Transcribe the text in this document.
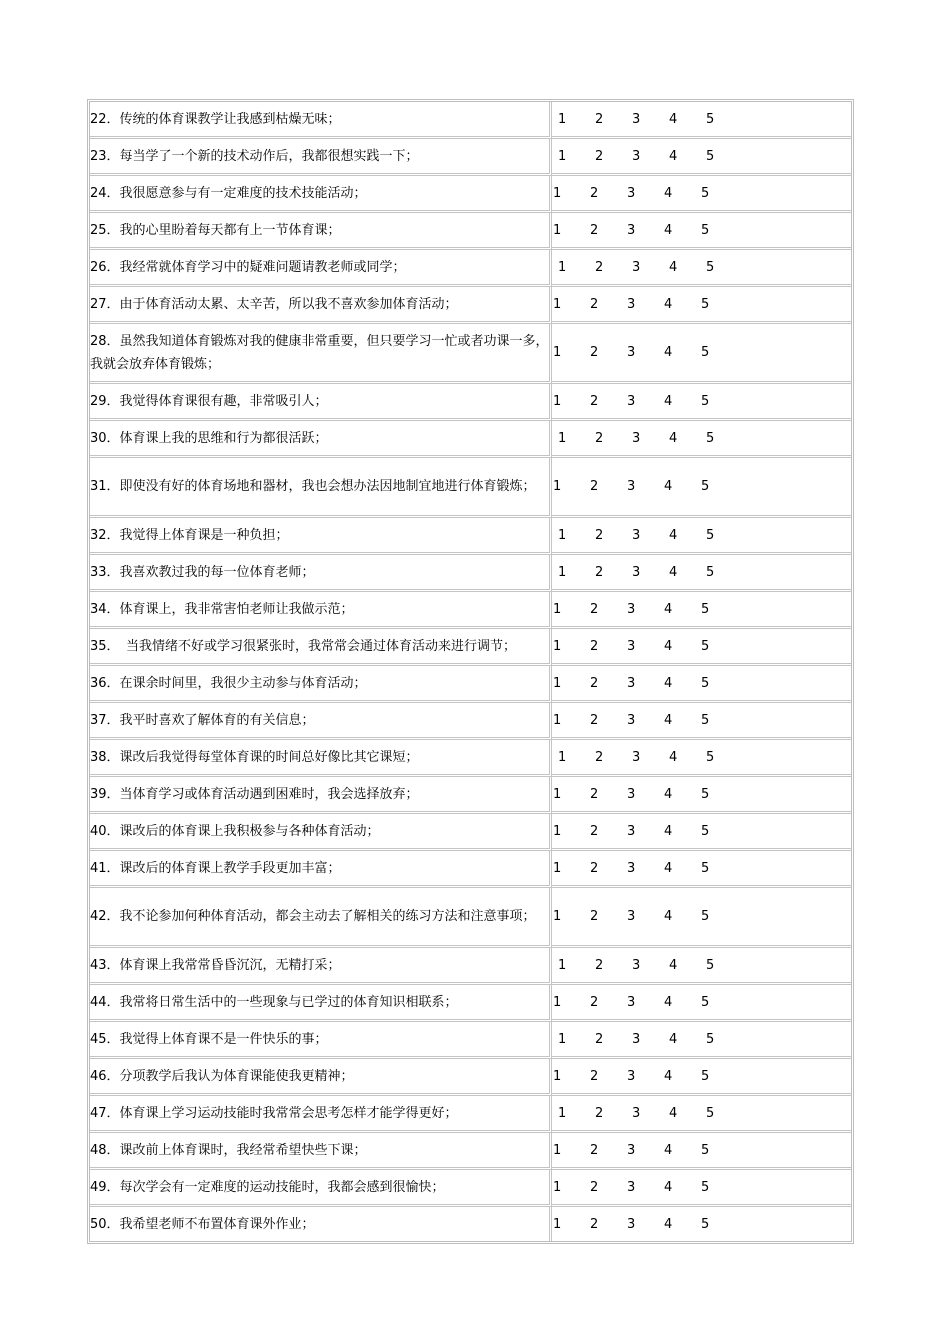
22．传统的体育课教学让我感到枯燥无味；	1 2 3 4 5
23．每当学了一个新的技术动作后，我都很想实践一下；	1 2 3 4 5
24．我很愿意参与有一定难度的技术技能活动；	1 2 3 4 5
25．我的心里盼着每天都有上一节体育课；	1 2 3 4 5
26．我经常就体育学习中的疑难问题请教老师或同学；	1 2 3 4 5
27．由于体育活动太累、太辛苦，所以我不喜欢参加体育活动；	1 2 3 4 5
28．虽然我知道体育锻炼对我的健康非常重要，但只要学习一忙或者功课一多，我就会放弃体育锻炼；	1 2 3 4 5
29．我觉得体育课很有趣，非常吸引人；	1 2 3 4 5
30．体育课上我的思维和行为都很活跃；	1 2 3 4 5
31．即使没有好的体育场地和器材，我也会想办法因地制宜地进行体育锻炼；	1 2 3 4 5
32．我觉得上体育课是一种负担；	1 2 3 4 5
33．我喜欢教过我的每一位体育老师；	1 2 3 4 5
34．体育课上，我非常害怕老师让我做示范；	1 2 3 4 5
35．　当我情绪不好或学习很紧张时，我常常会通过体育活动来进行调节；	1 2 3 4 5
36．在课余时间里，我很少主动参与体育活动；	1 2 3 4 5
37．我平时喜欢了解体育的有关信息；	1 2 3 4 5
38．课改后我觉得每堂体育课的时间总好像比其它课短；	1 2 3 4 5
39．当体育学习或体育活动遇到困难时，我会选择放弃；	1 2 3 4 5
40．课改后的体育课上我积极参与各种体育活动；	1 2 3 4 5
41．课改后的体育课上教学手段更加丰富；	1 2 3 4 5
42．我不论参加何种体育活动，都会主动去了解相关的练习方法和注意事项；	1 2 3 4 5
43．体育课上我常常昏昏沉沉，无精打采；	1 2 3 4 5
44．我常将日常生活中的一些现象与已学过的体育知识相联系；	1 2 3 4 5
45．我觉得上体育课不是一件快乐的事；	1 2 3 4 5
46．分项教学后我认为体育课能使我更精神；	1 2 3 4 5
47．体育课上学习运动技能时我常常会思考怎样才能学得更好；	1 2 3 4 5
48．课改前上体育课时，我经常希望快些下课；	1 2 3 4 5
49．每次学会有一定难度的运动技能时，我都会感到很愉快；	1 2 3 4 5
50．我希望老师不布置体育课外作业；	1 2 3 4 5
